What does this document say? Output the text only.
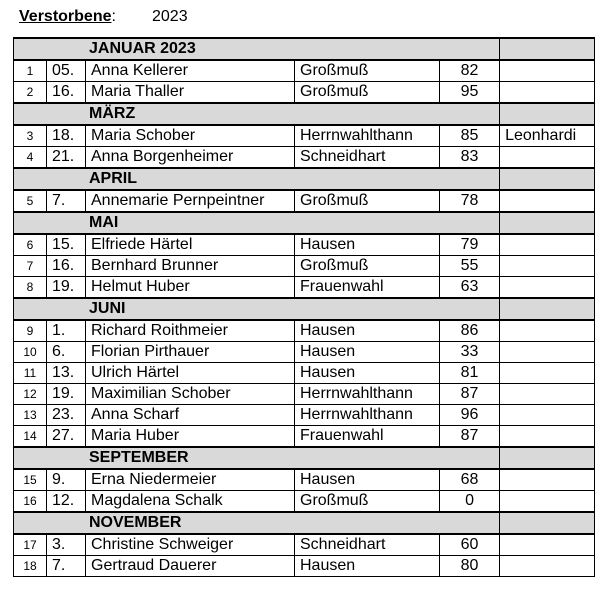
Verstorbene: 2023
JANUAR 2023					
1	05.	Anna Kellerer	Großmuß	82	
2	16.	Maria Thaller	Großmuß	95	
MÄRZ					
3	18.	Maria Schober	Herrnwahlthann	85	Leonhardi
4	21.	Anna Borgenheimer	Schneidhart	83	
APRIL					
5	7.	Annemarie Pernpeintner	Großmuß	78	
MAI					
6	15.	Elfriede Härtel	Hausen	79	
7	16.	Bernhard Brunner	Großmuß	55	
8	19.	Helmut Huber	Frauenwahl	63	
JUNI					
9	1.	Richard Roithmeier	Hausen	86	
10	6.	Florian Pirthauer	Hausen	33	
11	13.	Ulrich Härtel	Hausen	81	
12	19.	Maximilian Schober	Herrnwahlthann	87	
13	23.	Anna Scharf	Herrnwahlthann	96	
14	27.	Maria Huber	Frauenwahl	87	
SEPTEMBER					
15	9.	Erna Niedermeier	Hausen	68	
16	12.	Magdalena Schalk	Großmuß	0	
NOVEMBER					
17	3.	Christine Schweiger	Schneidhart	60	
18	7.	Gertraud Dauerer	Hausen	80	
